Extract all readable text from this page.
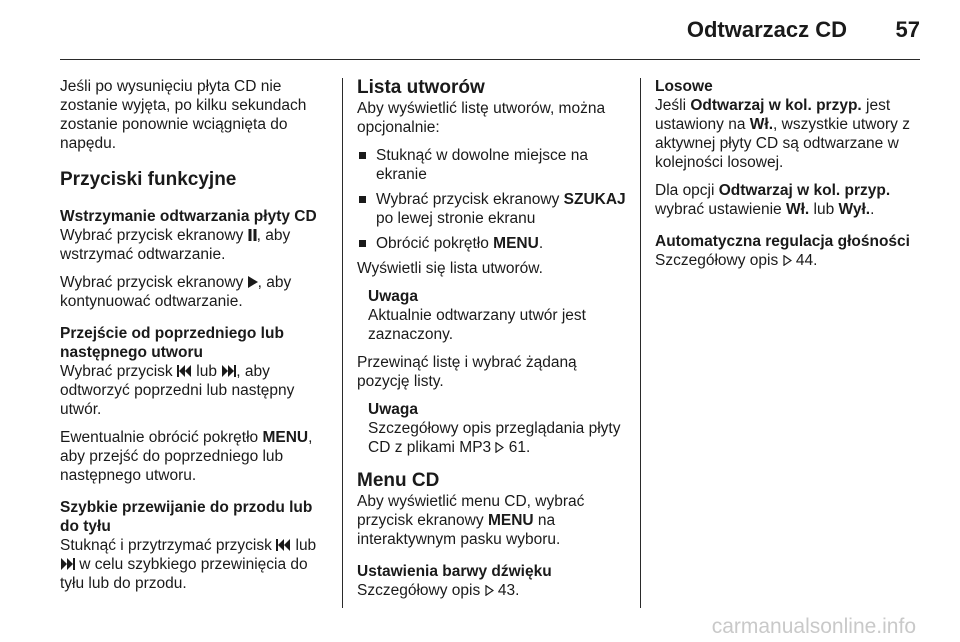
Odtwarzacz CD 57

Jeśli po wysunięciu płyta CD nie zostanie wyjęta, po kilku sekundach zostanie ponownie wciągnięta do napędu.

Przyciski funkcyjne
Wstrzymanie odtwarzania płyty CD

Wybrać przycisk ekranowy
, aby wstrzymać odtwarzanie.

Wybrać przycisk ekranowy
, aby kontynuować odtwarzanie.

Przejście od poprzedniego lub następnego utworu

Wybrać przycisk
lub
, aby odtworzyć poprzedni lub następny utwór.

Ewentualnie obrócić pokrętło MENU, aby przejść do poprzedniego lub następnego utworu.

Szybkie przewijanie do przodu lub do tyłu

Stuknąć i przytrzymać przycisk
lub
w celu szybkiego przewinięcia do tyłu lub do przodu.

Lista utworów

Aby wyświetlić listę utworów, można opcjonalnie:

Stuknąć w dowolne miejsce na ekranie
Wybrać przycisk ekranowy SZUKAJ po lewej stronie ekranu
Obrócić pokrętło MENU.

Wyświetli się lista utworów.

Uwaga

Aktualnie odtwarzany utwór jest zaznaczony.

Przewinąć listę i wybrać żądaną pozycję listy.

Uwaga

Szczegółowy opis przeglądania płyty CD z plikami MP3  61.

Menu CD

Aby wyświetlić menu CD, wybrać przycisk ekranowy MENU na interaktywnym pasku wyboru.

Ustawienia barwy dźwięku

Szczegółowy opis  43.

Losowe

Jeśli Odtwarzaj w kol. przyp. jest ustawiony na Wł., wszystkie utwory z aktywnej płyty CD są odtwarzane w kolejności losowej.

Dla opcji Odtwarzaj w kol. przyp. wybrać ustawienie Wł. lub Wył..

Automatyczna regulacja głośności

Szczegółowy opis  44.

carmanualsonline.info
